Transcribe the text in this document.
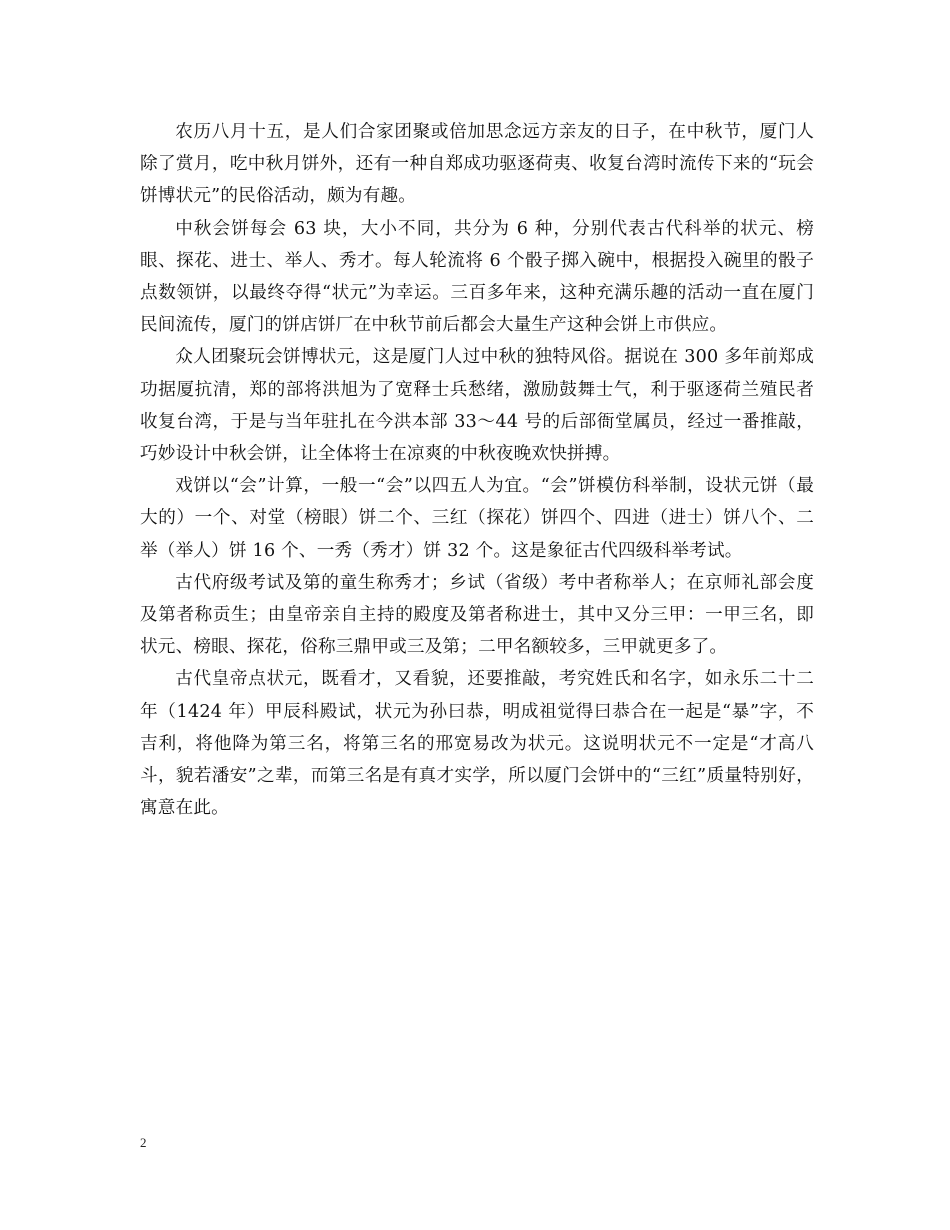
农历八月十五，是人们合家团聚或倍加思念远方亲友的日子，在中秋节，厦门人除了赏月，吃中秋月饼外，还有一种自郑成功驱逐荷夷、收复台湾时流传下来的“玩会饼博状元”的民俗活动，颇为有趣。

中秋会饼每会 63 块，大小不同，共分为 6 种，分别代表古代科举的状元、榜眼、探花、进士、举人、秀才。每人轮流将 6 个骰子掷入碗中，根据投入碗里的骰子点数领饼，以最终夺得“状元”为幸运。三百多年来，这种充满乐趣的活动一直在厦门民间流传，厦门的饼店饼厂在中秋节前后都会大量生产这种会饼上市供应。

众人团聚玩会饼博状元，这是厦门人过中秋的独特风俗。据说在 300 多年前郑成功据厦抗清，郑的部将洪旭为了宽释士兵愁绪，激励鼓舞士气，利于驱逐荷兰殖民者收复台湾，于是与当年驻扎在今洪本部 33～44 号的后部衙堂属员，经过一番推敲，巧妙设计中秋会饼，让全体将士在凉爽的中秋夜晚欢快拼搏。

戏饼以“会”计算，一般一“会”以四五人为宜。“会”饼模仿科举制，设状元饼（最大的）一个、对堂（榜眼）饼二个、三红（探花）饼四个、四进（进士）饼八个、二举（举人）饼 16 个、一秀（秀才）饼 32 个。这是象征古代四级科举考试。

古代府级考试及第的童生称秀才；乡试（省级）考中者称举人；在京师礼部会度及第者称贡生；由皇帝亲自主持的殿度及第者称进士，其中又分三甲：一甲三名，即状元、榜眼、探花，俗称三鼎甲或三及第；二甲名额较多，三甲就更多了。

古代皇帝点状元，既看才，又看貌，还要推敲，考究姓氏和名字，如永乐二十二年（1424 年）甲辰科殿试，状元为孙曰恭，明成祖觉得曰恭合在一起是“暴”字，不吉利，将他降为第三名，将第三名的邢宽易改为状元。这说明状元不一定是“才高八斗，貌若潘安”之辈，而第三名是有真才实学，所以厦门会饼中的“三红”质量特别好，寓意在此。

2
